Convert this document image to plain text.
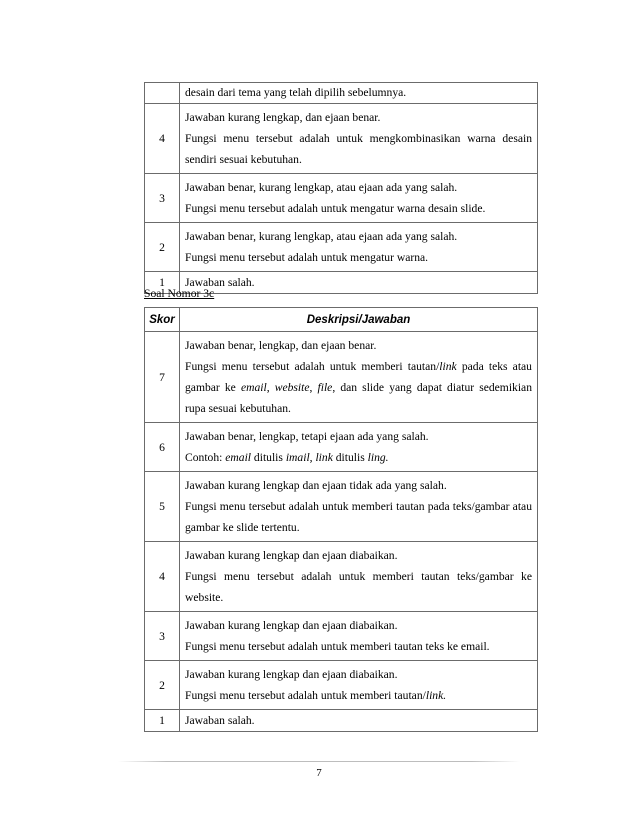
	desain dari tema yang telah dipilih sebelumnya.

4	Jawaban kurang lengkap, dan ejaan benar.

Fungsi menu tersebut adalah untuk mengkombinasikan warna desain sendiri sesuai kebutuhan.

3	Jawaban benar, kurang lengkap, atau ejaan ada yang salah.

Fungsi menu tersebut adalah untuk mengatur warna desain slide.

2	Jawaban benar, kurang lengkap, atau ejaan ada yang salah.

Fungsi menu tersebut adalah untuk mengatur warna.

1	Jawaban salah.

Soal Nomor 3c
Skor	Deskripsi/Jawaban
7	Jawaban benar, lengkap, dan ejaan benar.

Fungsi menu tersebut adalah untuk memberi tautan/link pada teks atau gambar ke email, website, file, dan slide yang dapat diatur sedemikian rupa sesuai kebutuhan.

6	Jawaban benar, lengkap, tetapi ejaan ada yang salah.

Contoh: email ditulis imail, link ditulis ling.

5	Jawaban kurang lengkap dan ejaan tidak ada yang salah.

Fungsi menu tersebut adalah untuk memberi tautan pada teks/gambar atau gambar ke slide tertentu.

4	Jawaban kurang lengkap dan ejaan diabaikan.

Fungsi menu tersebut adalah untuk memberi tautan teks/gambar ke website.

3	Jawaban kurang lengkap dan ejaan diabaikan.

Fungsi menu tersebut adalah untuk memberi tautan teks ke email.

2	Jawaban kurang lengkap dan ejaan diabaikan.

Fungsi menu tersebut adalah untuk memberi tautan/link.

1	Jawaban salah.

7
